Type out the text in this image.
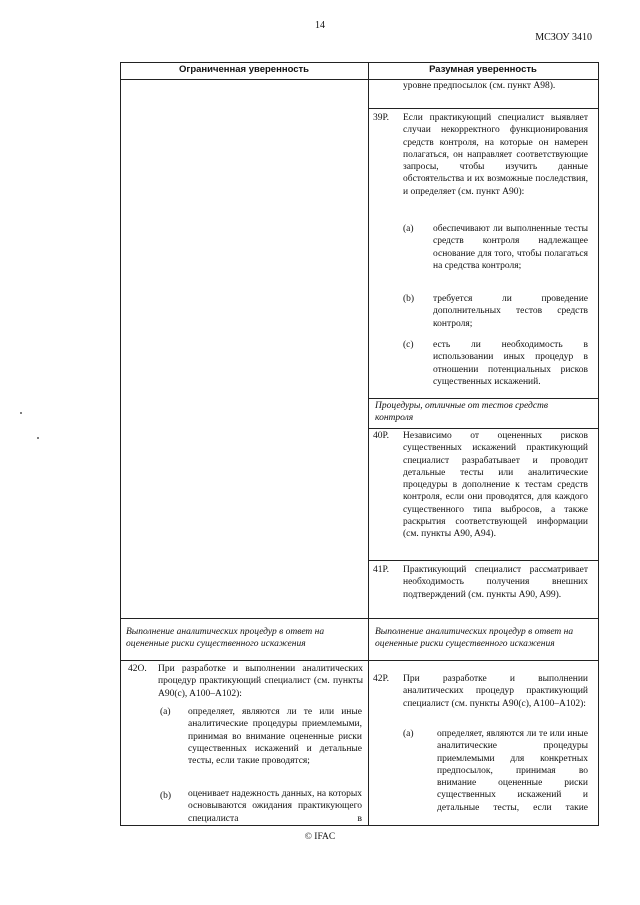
14
МСЗОУ 3410
Ограниченная уверенность	Разумная уверенность
уровне предпосылок (см. пункт A98).
39Р. Если практикующий специалист выявляет случаи некорректного функционирования средств контроля, на которые он намерен полагаться, он направляет соответствующие запросы, чтобы изучить данные обстоятельства и их возможные последствия, и определяет (см. пункт A90):
(a) обеспечивают ли выполненные тесты средств контроля надлежащее основание для того, чтобы полагаться на средства контроля;
(b) требуется ли проведение дополнительных тестов средств контроля;
(c) есть ли необходимость в использовании иных процедур в отношении потенциальных рисков существенных искажений.
Процедуры, отличные от тестов средств контроля
40Р. Независимо от оцененных рисков существенных искажений практикующий специалист разрабатывает и проводит детальные тесты или аналитические процедуры в дополнение к тестам средств контроля, если они проводятся, для каждого существенного типа выбросов, а также раскрытия соответствующей информации (см. пункты A90, A94).
41Р. Практикующий специалист рассматривает необходимость получения внешних подтверждений (см. пункты A90, A99).
Выполнение аналитических процедур в ответ на оцененные риски существенного искажения
42О. При разработке и выполнении аналитических процедур практикующий специалист (см. пункты A90(с), A100–A102):
(a) определяет, являются ли те или иные аналитические процедуры приемлемыми, принимая во внимание оцененные риски существенных искажений и детальные тесты, если такие проводятся;
(b) оценивает надежность данных, на которых основываются ожидания практикующего специалиста в
Выполнение аналитических процедур в ответ на оцененные риски существенного искажения
42Р. При разработке и выполнении аналитических процедур практикующий специалист (см. пункты A90(с), A100–A102):
(a) определяет, являются ли те или иные аналитические процедуры приемлемыми для конкретных предпосылок, принимая во внимание оцененные риски существенных искажений и детальные тесты, если такие
© IFAC
